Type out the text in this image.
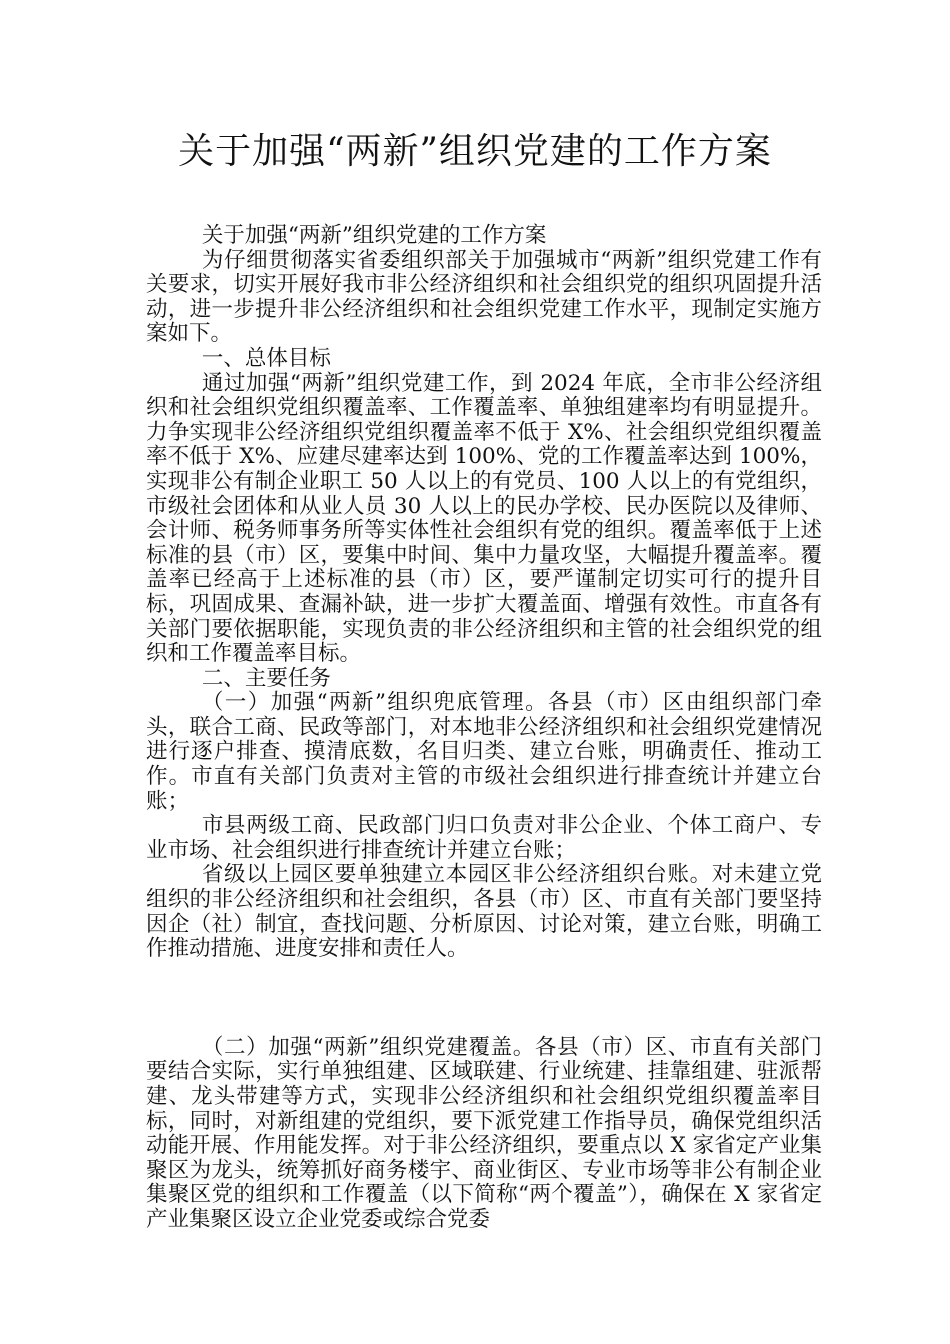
关于加强“两新”组织党建的工作方案

关于加强“两新”组织党建的工作方案

为仔细贯彻落实省委组织部关于加强城市“两新”组织党建工作有关要求，切实开展好我市非公经济组织和社会组织党的组织巩固提升活动，进一步提升非公经济组织和社会组织党建工作水平，现制定实施方案如下。

一、总体目标

通过加强“两新”组织党建工作，到 2024 年底，全市非公经济组织和社会组织党组织覆盖率、工作覆盖率、单独组建率均有明显提升。力争实现非公经济组织党组织覆盖率不低于 X%、社会组织党组织覆盖率不低于 X%、应建尽建率达到 100%、党的工作覆盖率达到 100%，实现非公有制企业职工 50 人以上的有党员、100 人以上的有党组织，市级社会团体和从业人员 30 人以上的民办学校、民办医院以及律师、会计师、税务师事务所等实体性社会组织有党的组织。覆盖率低于上述标准的县（市）区，要集中时间、集中力量攻坚，大幅提升覆盖率。覆盖率已经高于上述标准的县（市）区，要严谨制定切实可行的提升目标，巩固成果、查漏补缺，进一步扩大覆盖面、增强有效性。市直各有关部门要依据职能，实现负责的非公经济组织和主管的社会组织党的组织和工作覆盖率目标。

二、主要任务

（一）加强“两新”组织兜底管理。各县（市）区由组织部门牵头，联合工商、民政等部门，对本地非公经济组织和社会组织党建情况进行逐户排查、摸清底数，名目归类、建立台账，明确责任、推动工作。市直有关部门负责对主管的市级社会组织进行排查统计并建立台账；

市县两级工商、民政部门归口负责对非公企业、个体工商户、专业市场、社会组织进行排查统计并建立台账；

省级以上园区要单独建立本园区非公经济组织台账。对未建立党组织的非公经济组织和社会组织，各县（市）区、市直有关部门要坚持因企（社）制宜，查找问题、分析原因、讨论对策，建立台账，明确工作推动措施、进度安排和责任人。

（二）加强“两新”组织党建覆盖。各县（市）区、市直有关部门要结合实际，实行单独组建、区域联建、行业统建、挂靠组建、驻派帮建、龙头带建等方式，实现非公经济组织和社会组织党组织覆盖率目标，同时，对新组建的党组织，要下派党建工作指导员，确保党组织活动能开展、作用能发挥。对于非公经济组织，要重点以 X 家省定产业集聚区为龙头，统筹抓好商务楼宇、商业街区、专业市场等非公有制企业集聚区党的组织和工作覆盖（以下简称“两个覆盖”），确保在 X 家省定产业集聚区设立企业党委或综合党委
